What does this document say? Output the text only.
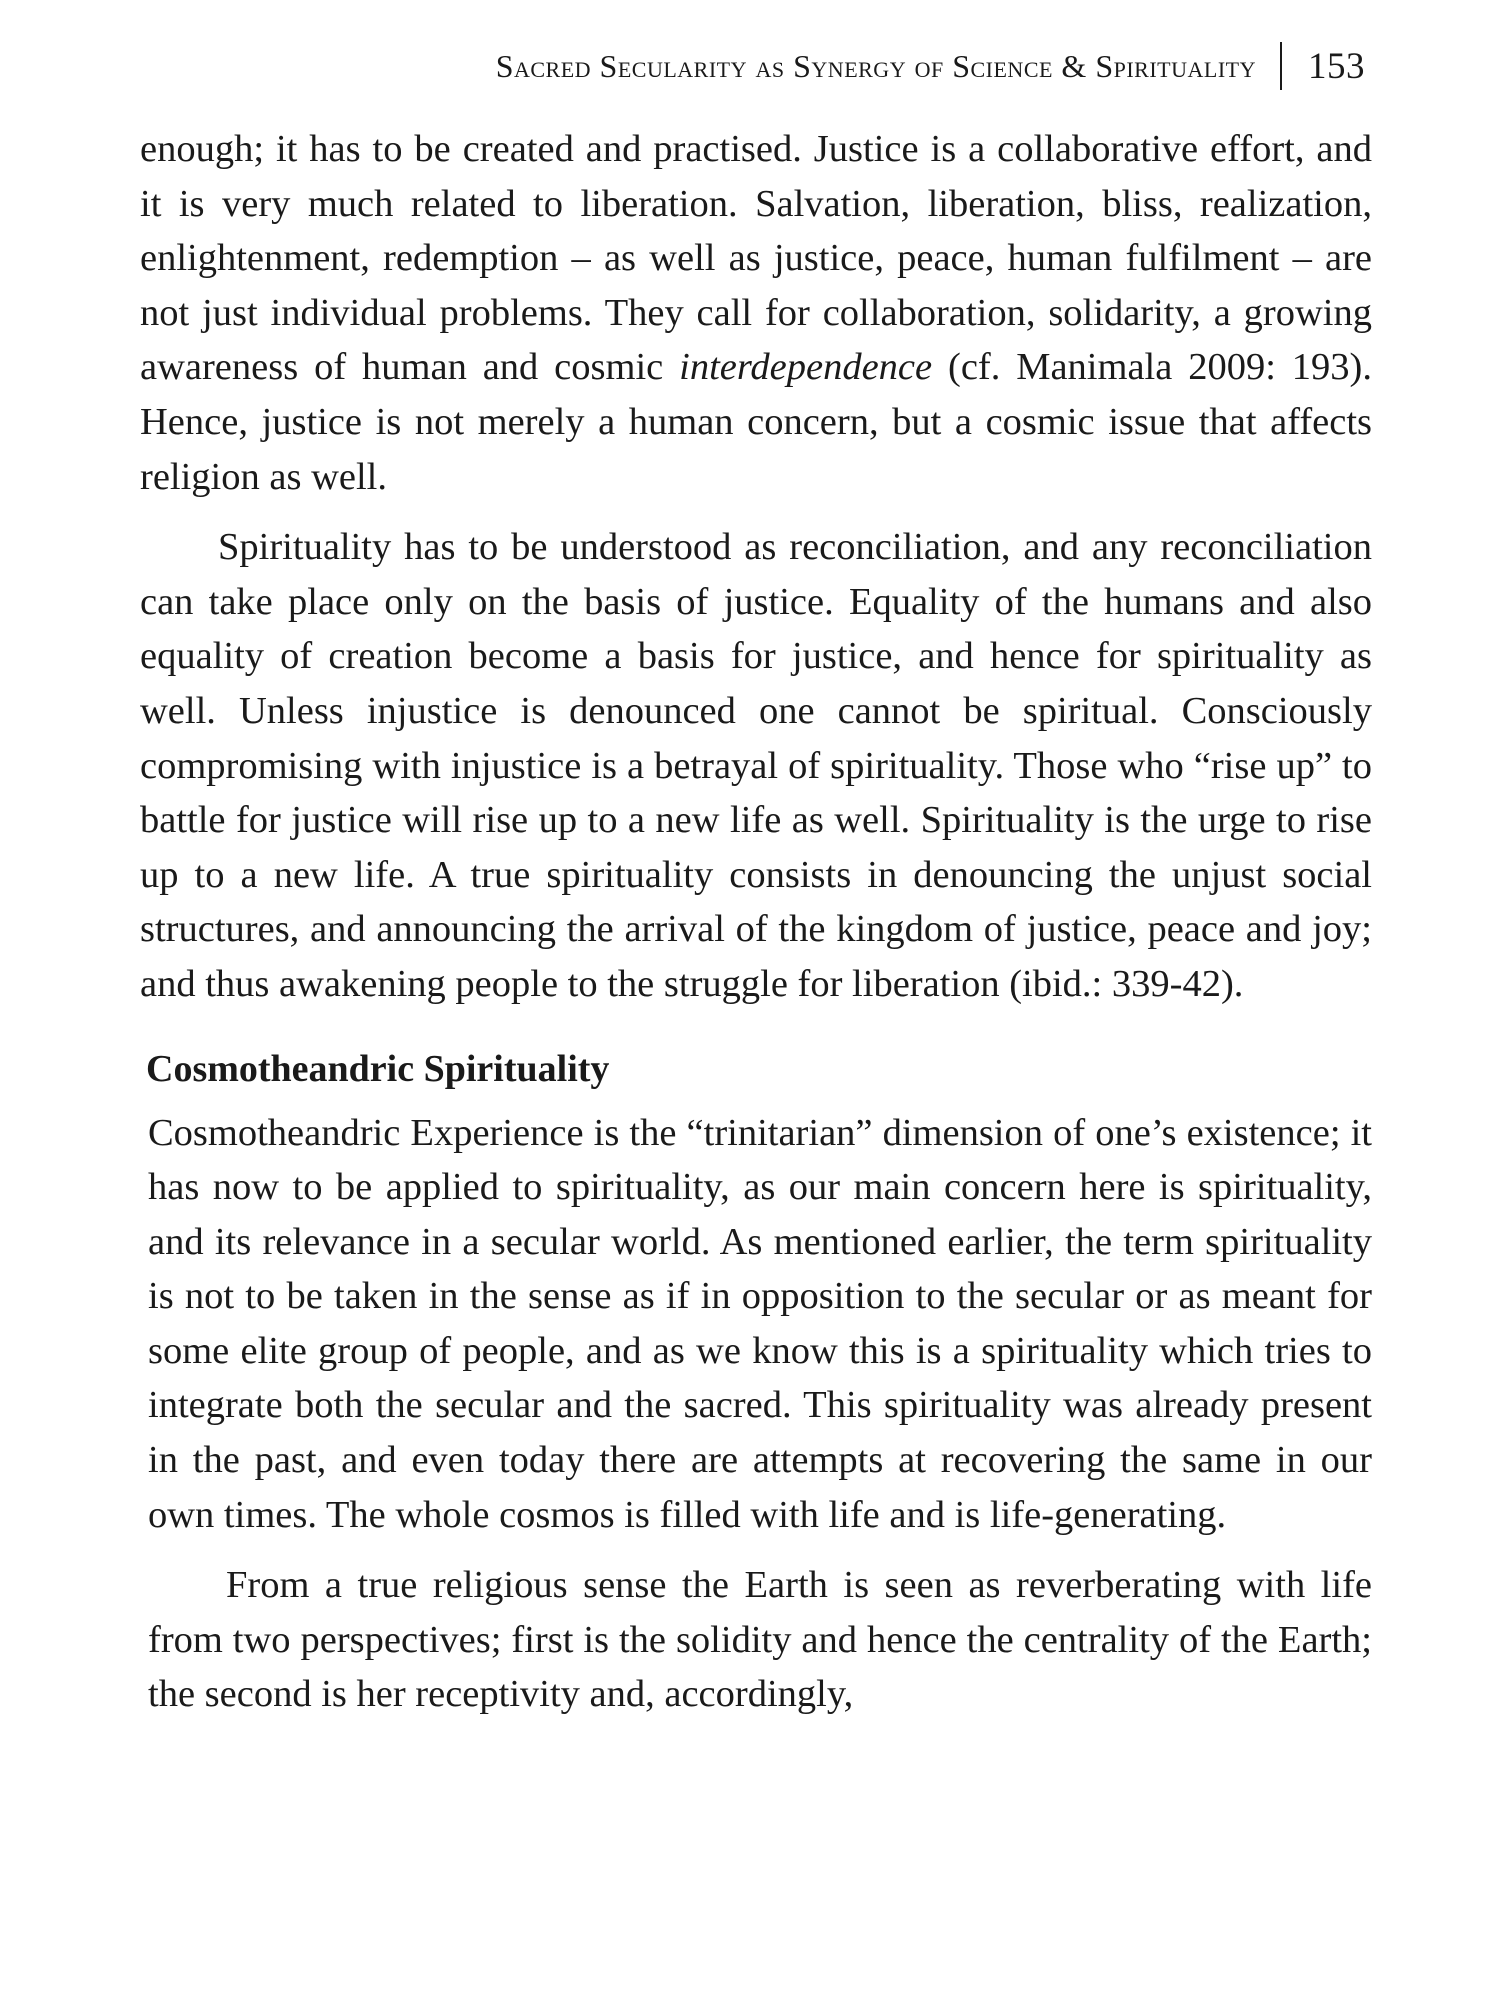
Sacred Secularity as Synergy of Science & Spirituality 153

enough; it has to be created and practised. Justice is a collaborative effort, and it is very much related to liberation. Salvation, liberation, bliss, realization, enlightenment, redemption – as well as justice, peace, human fulfilment – are not just individual problems. They call for collaboration, solidarity, a growing awareness of human and cosmic interdependence (cf. Manimala 2009: 193). Hence, justice is not merely a human concern, but a cosmic issue that affects religion as well.

Spirituality has to be understood as reconciliation, and any reconciliation can take place only on the basis of justice. Equality of the humans and also equality of creation become a basis for justice, and hence for spirituality as well. Unless injustice is denounced one cannot be spiritual. Consciously compromising with injustice is a betrayal of spirituality. Those who “rise up” to battle for justice will rise up to a new life as well. Spirituality is the urge to rise up to a new life. A true spirituality consists in denouncing the unjust social structures, and announcing the arrival of the kingdom of justice, peace and joy; and thus awakening people to the struggle for liberation (ibid.: 339-42).

Cosmotheandric Spirituality

Cosmotheandric Experience is the “trinitarian” dimension of one’s existence; it has now to be applied to spirituality, as our main concern here is spirituality, and its relevance in a secular world. As mentioned earlier, the term spirituality is not to be taken in the sense as if in opposition to the secular or as meant for some elite group of people, and as we know this is a spirituality which tries to integrate both the secular and the sacred. This spirituality was already present in the past, and even today there are attempts at recovering the same in our own times. The whole cosmos is filled with life and is life-generating.

From a true religious sense the Earth is seen as reverberating with life from two perspectives; first is the solidity and hence the centrality of the Earth; the second is her receptivity and, accordingly,
